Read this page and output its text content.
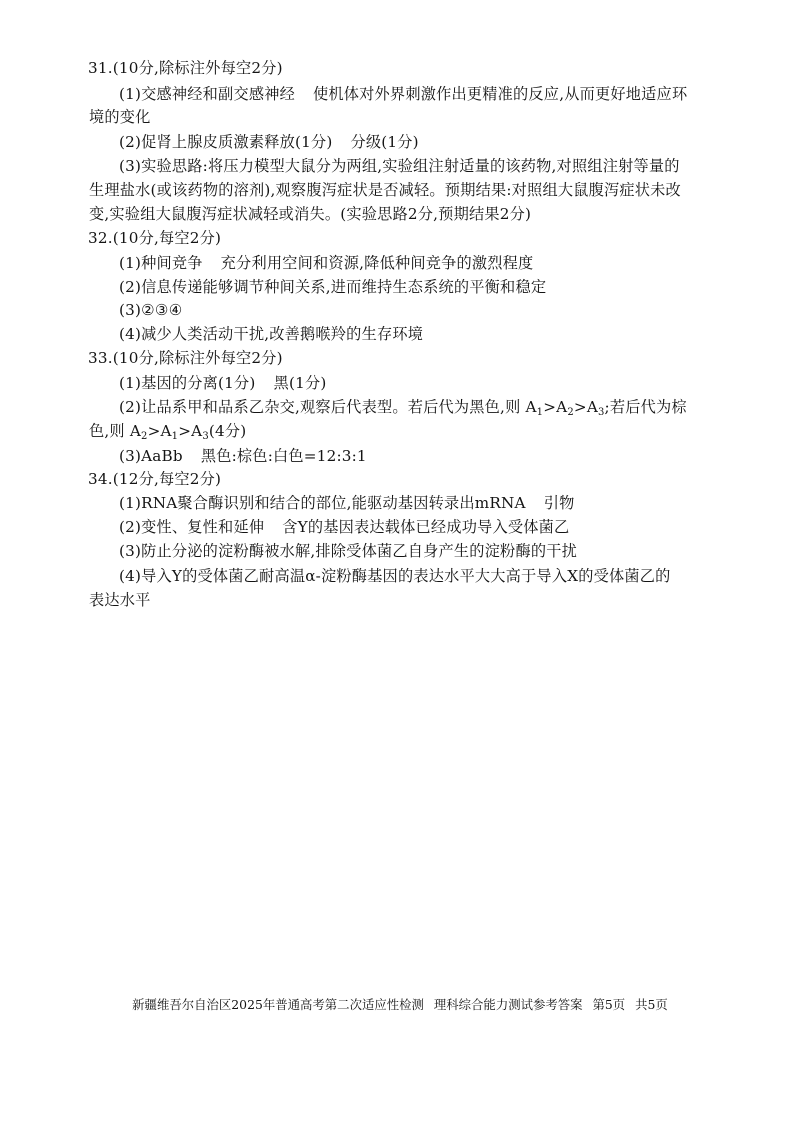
31.(10分,除标注外每空2分)
(1)交感神经和副交感神经 使机体对外界刺激作出更精准的反应,从而更好地适应环
境的变化
(2)促肾上腺皮质激素释放(1分) 分级(1分)
(3)实验思路:将压力模型大鼠分为两组,实验组注射适量的该药物,对照组注射等量的
生理盐水(或该药物的溶剂),观察腹泻症状是否减轻。预期结果:对照组大鼠腹泻症状未改
变,实验组大鼠腹泻症状减轻或消失。(实验思路2分,预期结果2分)
32.(10分,每空2分)
(1)种间竞争 充分利用空间和资源,降低种间竞争的激烈程度
(2)信息传递能够调节种间关系,进而维持生态系统的平衡和稳定
(3)②③④
(4)减少人类活动干扰,改善鹅喉羚的生存环境
33.(10分,除标注外每空2分)
(1)基因的分离(1分) 黑(1分)
(2)让品系甲和品系乙杂交,观察后代表型。若后代为黑色,则 $A_1>A_2>A_3$;若后代为棕
色,则 $A_2>A_1>A_3(4$分)
(3)AaBb 黑色:棕色:白色=12:3:1
34.(12分,每空2分)
(1)RNA聚合酶识别和结合的部位,能驱动基因转录出mRNA 引物
(2)变性、复性和延伸 含Y的基因表达载体已经成功导入受体菌乙
(3)防止分泌的淀粉酶被水解,排除受体菌乙自身产生的淀粉酶的干扰
(4)导入Y的受体菌乙耐高温α-淀粉酶基因的表达水平大大高于导入X的受体菌乙的
表达水平
新疆维吾尔自治区2025年普通高考第二次适应性检测 理科综合能力测试参考答案 第5页 共5页
